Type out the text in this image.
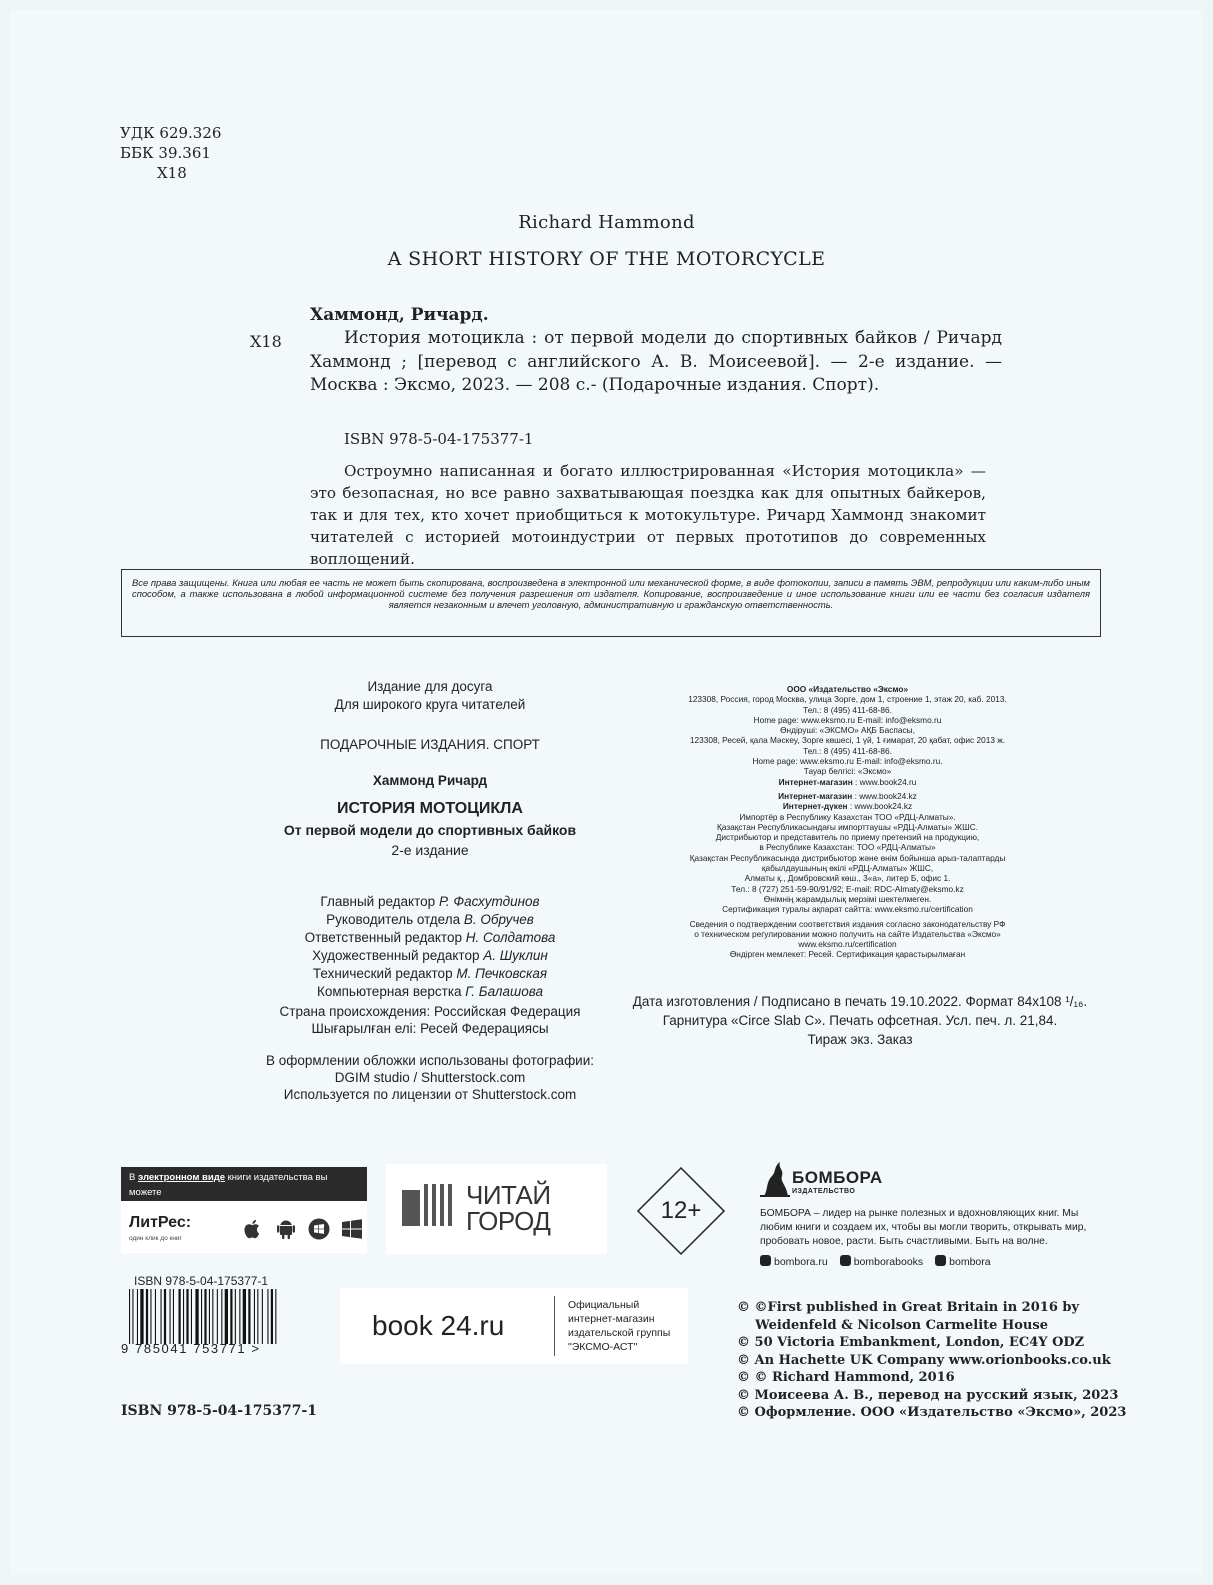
УДК 629.326
ББК 39.361
Х18
Richard Hammond
A SHORT HISTORY OF THE MOTORCYCLE
Хаммонд, Ричард.
Х18	История мотоцикла : от первой модели до спортивных байков / Ричард Хаммонд ; [перевод с английского А. В. Моисеевой]. — 2-е издание. — Москва : Эксмо, 2023. — 208 с.- (Подарочные издания. Спорт).

ISBN 978-5-04-175377-1

Остроумно написанная и богато иллюстрированная «История мотоцикла» — это безопасная, но все равно захватывающая поездка как для опытных байкеров, так и для тех, кто хочет приобщиться к мотокультуре. Ричард Хаммонд знакомит читателей с историей мотоиндустрии от первых прототипов до современных воплощений.

Все права защищены. Книга или любая ее часть не может быть скопирована, воспроизведена в электронной или механической форме, в виде фотокопии, записи в память ЭВМ, репродукции или каким-либо иным способом, а также использована в любой информационной системе без получения разрешения от издателя. Копирование, воспроизведение и иное использование книги или ее части без согласия издателя является незаконным и влечет уголовную, административную и гражданскую ответственность.
Издание для досуга
Для широкого круга читателей
ПОДАРОЧНЫЕ ИЗДАНИЯ. СПОРТ
Хаммонд Ричард
ИСТОРИЯ МОТОЦИКЛА
От первой модели до спортивных байков
2-е издание
Главный редактор Р. Фасхутдинов
Руководитель отдела В. Обручев
Ответственный редактор Н. Солдатова
Художественный редактор А. Шуклин
Технический редактор М. Печковская
Компьютерная верстка Г. Балашова
Страна происхождения: Российская Федерация
Шығарылған елі: Ресей Федерациясы
В оформлении обложки использованы фотографии:
DGIM studio / Shutterstock.com
Используется по лицензии от Shutterstock.com
ООО «Издательство «Эксмо»
123308, Россия, город Москва, улица Зорге, дом 1, строение 1, этаж 20, каб. 2013.
Тел.: 8 (495) 411-68-86.
Home page: www.eksmo.ru E-mail: info@eksmo.ru
Өндіруші: «ЭКСМО» АҚБ Баспасы,
123308, Ресей, қала Мәскеу, Зорге көшесі, 1 үй, 1 ғимарат, 20 қабат, офис 2013 ж.
Тел.: 8 (495) 411-68-86.
Home page: www.eksmo.ru E-mail: info@eksmo.ru.
Тауар белгісі: «Эксмо»
Интернет-магазин : www.book24.ru

Интернет-магазин : www.book24.kz
Интернет-дүкен : www.book24.kz
Импортёр в Республику Казахстан ТОО «РДЦ-Алматы».
Қазақстан Республикасындағы импорттаушы «РДЦ-Алматы» ЖШС.
Дистрибьютор и представитель по приему претензий на продукцию,
в Республике Казахстан: ТОО «РДЦ-Алматы»
Қазақстан Республикасында дистрибьютор және өнім бойынша арыз-талаптарды
қабылдаушының өкілі «РДЦ-Алматы» ЖШС,
Алматы қ., Домбровский көш., 3«а», литер Б, офис 1.
Тел.: 8 (727) 251-59-90/91/92; E-mail: RDC-Almaty@eksmo.kz
Өнімнің жарамдылық мерзімі шектелмеген.
Сертификация туралы ақпарат сайтта: www.eksmo.ru/certification

Сведения о подтверждении соответствия издания согласно законодательству РФ
о техническом регулировании можно получить на сайте Издательства «Эксмо»
www.eksmo.ru/certification
Өндірген мемлекет: Ресей. Сертификация қарастырылмаған
Дата изготовления / Подписано в печать 19.10.2022. Формат 84x108 ¹/₁₆.
Гарнитура «Circe Slab C». Печать офсетная. Усл. печ. л. 21,84.
Тираж экз. Заказ
В электронном виде книги издательства вы можете
купить на www.litres.ru
ЛитРес:
один клик до книг
ЧИТАЙ
ГОРОД	12+
БОМБОРА
ИЗДАТЕЛЬСТВО
БОМБОРА – лидер на рынке полезных и вдохновляющих книг. Мы любим книги и создаем их, чтобы вы могли творить, открывать мир, пробовать новое, расти. Быть счастливыми. Быть на волне.
bombora.ru	bomborabooks	bombora
ISBN 978-5-04-175377-1
9 785041 753771 >
book 24.ru
Официальный интернет-магазин издательской группы "ЭКСМО-АСТ"
© ©First published in Great Britain in 2016 by
Weidenfeld & Nicolson Carmelite House
© 50 Victoria Embankment, London, EC4Y ODZ
© An Hachette UK Company www.orionbooks.co.uk
© © Richard Hammond, 2016
© Моисеева А. В., перевод на русский язык, 2023
© Оформление. ООО «Издательство «Эксмо», 2023
ISBN 978-5-04-175377-1
